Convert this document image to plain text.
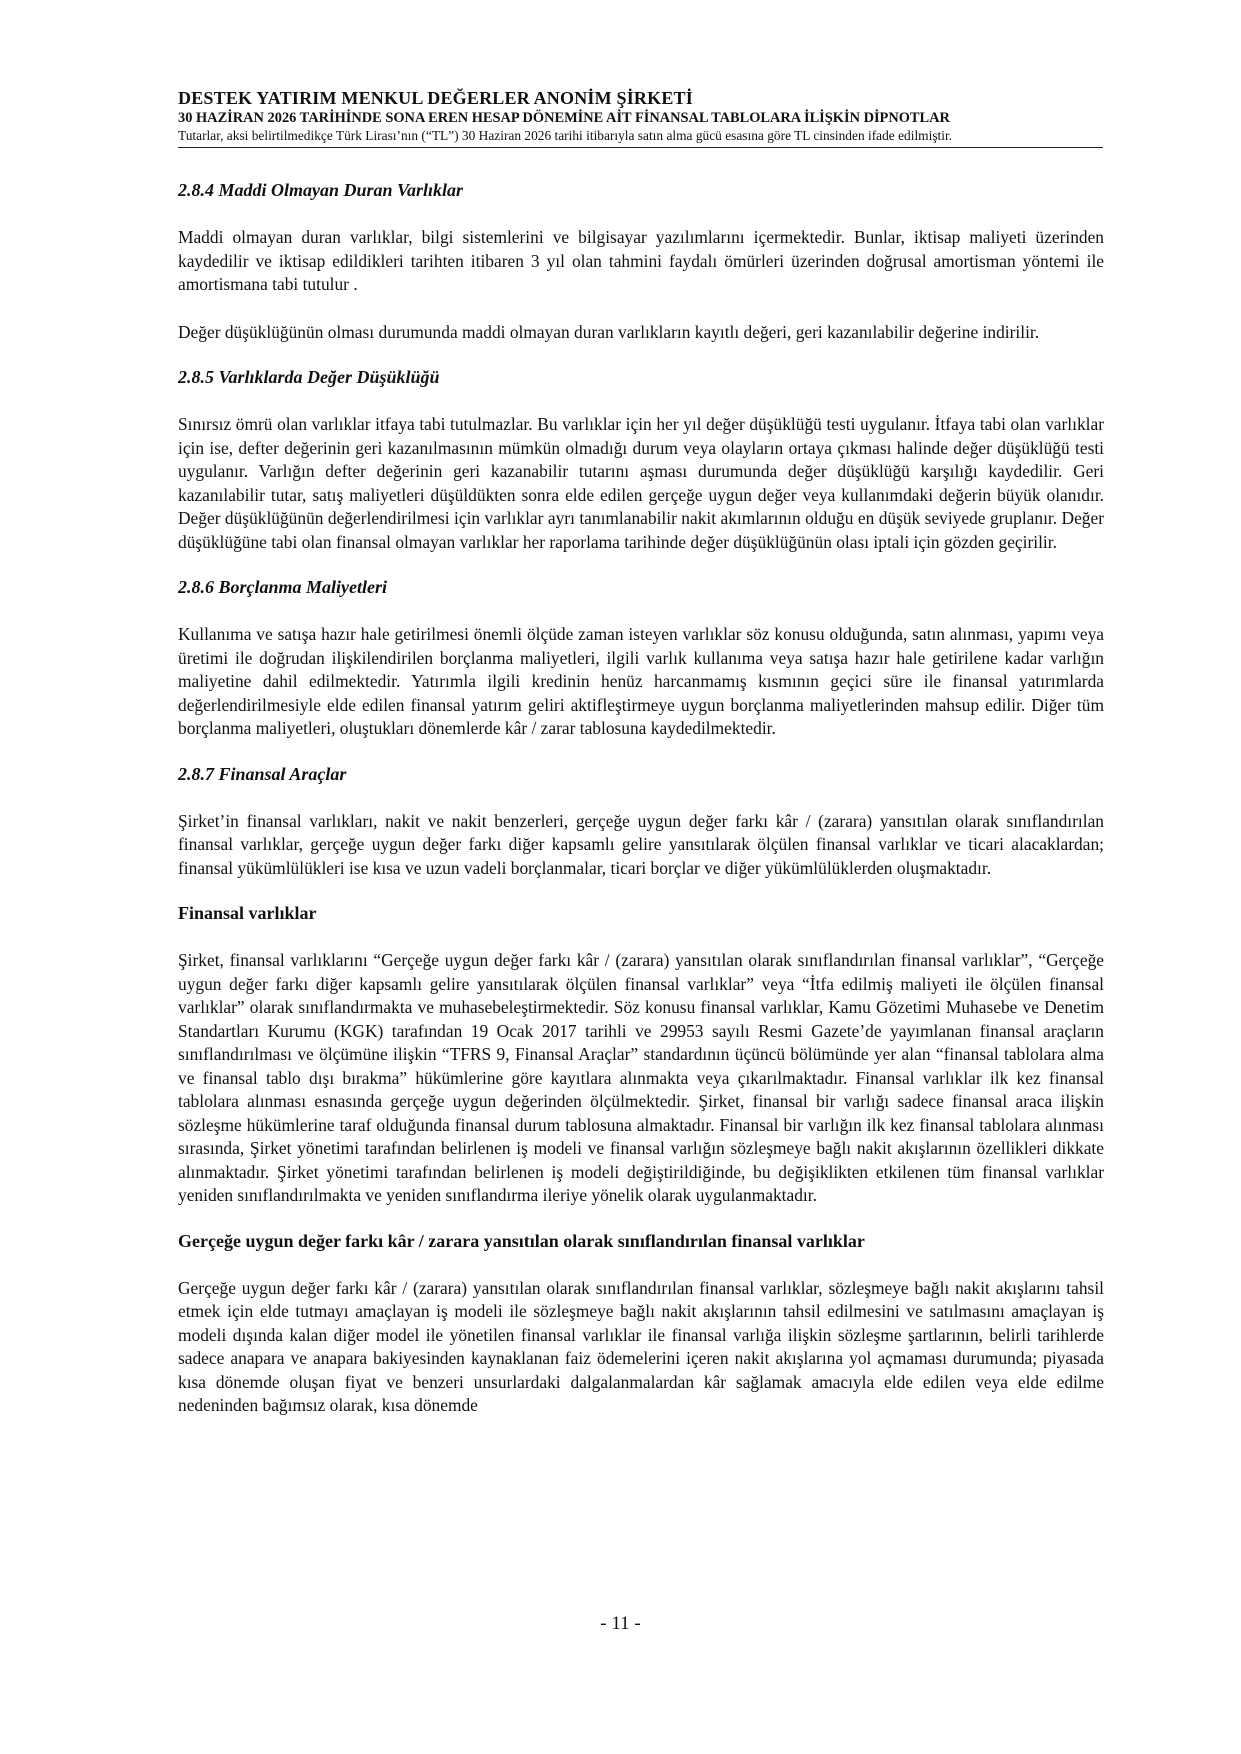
DESTEK YATIRIM MENKUL DEĞERLER ANONİM ŞİRKETİ
30 HAZİRAN 2026 TARİHİNDE SONA EREN HESAP DÖNEMİNE AİT FİNANSAL TABLOLARA İLİŞKİN DİPNOTLAR
Tutarlar, aksi belirtilmedikçe Türk Lirası’nın (“TL”) 30 Haziran 2026 tarihi itibarıyla satın alma gücü esasına göre TL cinsinden ifade edilmiştir.

2.8.4 Maddi Olmayan Duran Varlıklar

Maddi olmayan duran varlıklar, bilgi sistemlerini ve bilgisayar yazılımlarını içermektedir. Bunlar, iktisap maliyeti üzerinden kaydedilir ve iktisap edildikleri tarihten itibaren 3 yıl olan tahmini faydalı ömürleri üzerinden doğrusal amortisman yöntemi ile amortismana tabi tutulur .

Değer düşüklüğünün olması durumunda maddi olmayan duran varlıkların kayıtlı değeri, geri kazanılabilir değerine indirilir.

2.8.5 Varlıklarda Değer Düşüklüğü

Sınırsız ömrü olan varlıklar itfaya tabi tutulmazlar. Bu varlıklar için her yıl değer düşüklüğü testi uygulanır. İtfaya tabi olan varlıklar için ise, defter değerinin geri kazanılmasının mümkün olmadığı durum veya olayların ortaya çıkması halinde değer düşüklüğü testi uygulanır. Varlığın defter değerinin geri kazanabilir tutarını aşması durumunda değer düşüklüğü karşılığı kaydedilir. Geri kazanılabilir tutar, satış maliyetleri düşüldükten sonra elde edilen gerçeğe uygun değer veya kullanımdaki değerin büyük olanıdır. Değer düşüklüğünün değerlendirilmesi için varlıklar ayrı tanımlanabilir nakit akımlarının olduğu en düşük seviyede gruplanır. Değer düşüklüğüne tabi olan finansal olmayan varlıklar her raporlama tarihinde değer düşüklüğünün olası iptali için gözden geçirilir.

2.8.6 Borçlanma Maliyetleri

Kullanıma ve satışa hazır hale getirilmesi önemli ölçüde zaman isteyen varlıklar söz konusu olduğunda, satın alınması, yapımı veya üretimi ile doğrudan ilişkilendirilen borçlanma maliyetleri, ilgili varlık kullanıma veya satışa hazır hale getirilene kadar varlığın maliyetine dahil edilmektedir. Yatırımla ilgili kredinin henüz harcanmamış kısmının geçici süre ile finansal yatırımlarda değerlendirilmesiyle elde edilen finansal yatırım geliri aktifleştirmeye uygun borçlanma maliyetlerinden mahsup edilir. Diğer tüm borçlanma maliyetleri, oluştukları dönemlerde kâr / zarar tablosuna kaydedilmektedir.

2.8.7 Finansal Araçlar

Şirket’in finansal varlıkları, nakit ve nakit benzerleri, gerçeğe uygun değer farkı kâr / (zarara) yansıtılan olarak sınıflandırılan finansal varlıklar, gerçeğe uygun değer farkı diğer kapsamlı gelire yansıtılarak ölçülen finansal varlıklar ve ticari alacaklardan; finansal yükümlülükleri ise kısa ve uzun vadeli borçlanmalar, ticari borçlar ve diğer yükümlülüklerden oluşmaktadır.

Finansal varlıklar

Şirket, finansal varlıklarını “Gerçeğe uygun değer farkı kâr / (zarara) yansıtılan olarak sınıflandırılan finansal varlıklar”, “Gerçeğe uygun değer farkı diğer kapsamlı gelire yansıtılarak ölçülen finansal varlıklar” veya “İtfa edilmiş maliyeti ile ölçülen finansal varlıklar” olarak sınıflandırmakta ve muhasebeleştirmektedir. Söz konusu finansal varlıklar, Kamu Gözetimi Muhasebe ve Denetim Standartları Kurumu (KGK) tarafından 19 Ocak 2017 tarihli ve 29953 sayılı Resmi Gazete’de yayımlanan finansal araçların sınıflandırılması ve ölçümüne ilişkin “TFRS 9, Finansal Araçlar” standardının üçüncü bölümünde yer alan “finansal tablolara alma ve finansal tablo dışı bırakma” hükümlerine göre kayıtlara alınmakta veya çıkarılmaktadır. Finansal varlıklar ilk kez finansal tablolara alınması esnasında gerçeğe uygun değerinden ölçülmektedir. Şirket, finansal bir varlığı sadece finansal araca ilişkin sözleşme hükümlerine taraf olduğunda finansal durum tablosuna almaktadır. Finansal bir varlığın ilk kez finansal tablolara alınması sırasında, Şirket yönetimi tarafından belirlenen iş modeli ve finansal varlığın sözleşmeye bağlı nakit akışlarının özellikleri dikkate alınmaktadır. Şirket yönetimi tarafından belirlenen iş modeli değiştirildiğinde, bu değişiklikten etkilenen tüm finansal varlıklar yeniden sınıflandırılmakta ve yeniden sınıflandırma ileriye yönelik olarak uygulanmaktadır.

Gerçeğe uygun değer farkı kâr / zarara yansıtılan olarak sınıflandırılan finansal varlıklar

Gerçeğe uygun değer farkı kâr / (zarara) yansıtılan olarak sınıflandırılan finansal varlıklar, sözleşmeye bağlı nakit akışlarını tahsil etmek için elde tutmayı amaçlayan iş modeli ile sözleşmeye bağlı nakit akışlarının tahsil edilmesini ve satılmasını amaçlayan iş modeli dışında kalan diğer model ile yönetilen finansal varlıklar ile finansal varlığa ilişkin sözleşme şartlarının, belirli tarihlerde sadece anapara ve anapara bakiyesinden kaynaklanan faiz ödemelerini içeren nakit akışlarına yol açmaması durumunda; piyasada kısa dönemde oluşan fiyat ve benzeri unsurlardaki dalgalanmalardan kâr sağlamak amacıyla elde edilen veya elde edilme nedeninden bağımsız olarak, kısa dönemde

- 11 -
